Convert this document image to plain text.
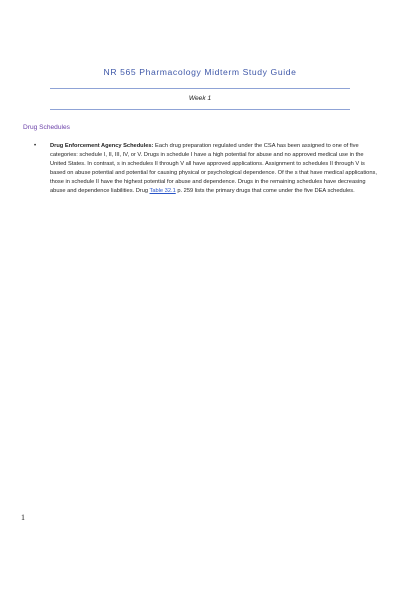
NR 565 Pharmacology Midterm Study Guide
Week 1
Drug Schedules
• Drug Enforcement Agency Schedules: Each drug preparation regulated under the CSA has been assigned to one of five categories: schedule I, II, III, IV, or V. Drugs in schedule I have a high potential for abuse and no approved medical use in the United States. In contrast, s in schedules II through V all have approved applications. Assignment to schedules II through V is based on abuse potential and potential for causing physical or psychological dependence. Of the s that have medical applications, those in schedule II have the highest potential for abuse and dependence. Drugs in the remaining schedules have decreasing abuse and dependence liabilities. Drug Table 32.1 p. 259 lists the primary drugs that come under the five DEA schedules.
1
